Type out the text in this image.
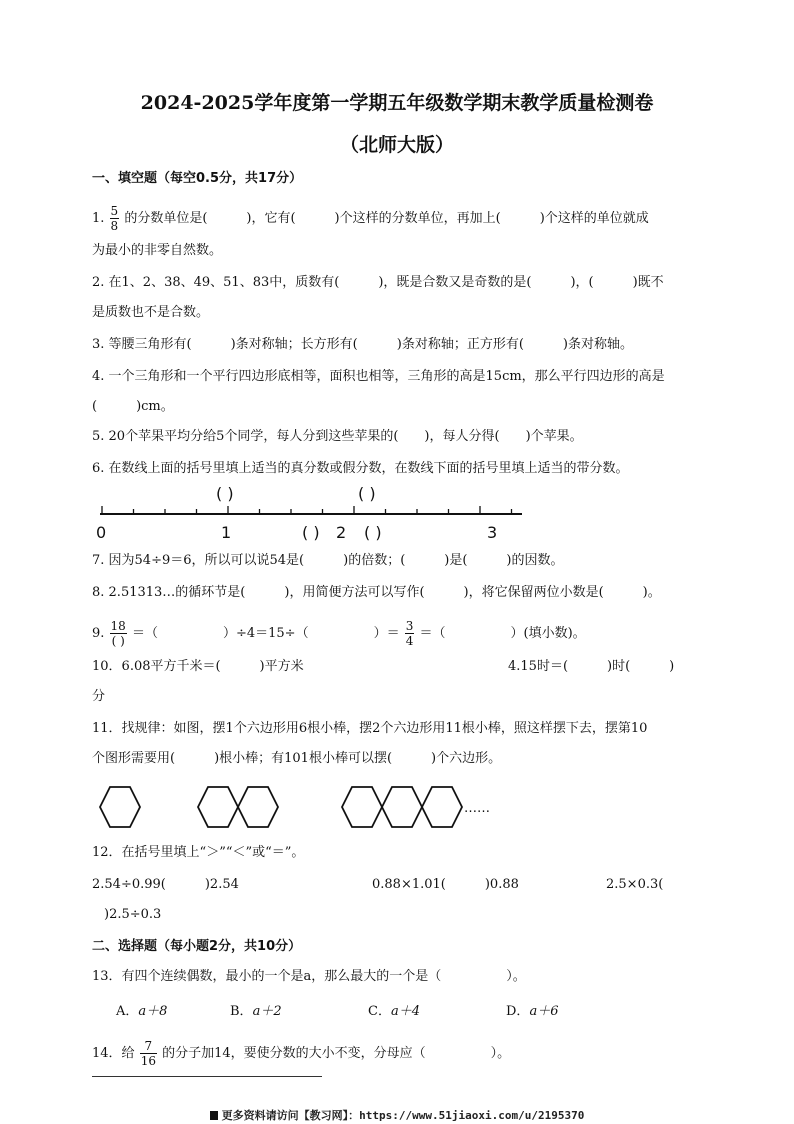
2024-2025学年度第一学期五年级数学期末教学质量检测卷
（北师大版）
一、填空题（每空0.5分，共17分）
1. $\frac{5}{8}$ 的分数单位是(　　　)，它有(　　　)个这样的分数单位，再加上(　　　)个这样的单位就成
为最小的非零自然数。
2. 在1、2、38、49、51、83中，质数有(　　　)，既是合数又是奇数的是(　　　)，(　　　)既不
是质数也不是合数。
3. 等腰三角形有(　　　)条对称轴；长方形有(　　　)条对称轴；正方形有(　　　)条对称轴。
4. 一个三角形和一个平行四边形底相等，面积也相等，三角形的高是15cm，那么平行四边形的高是
(　　　)cm。
5. 20个苹果平均分给5个同学，每人分到这些苹果的(　　)，每人分得(　　)个苹果。
6. 在数线上面的括号里填上适当的真分数或假分数，在数线下面的括号里填上适当的带分数。
( )	( )
0	1	( ) 2 ( )	3
7. 因为54÷9＝6，所以可以说54是(　　　)的倍数；(　　　)是(　　　)的因数。
8. 2.51313…的循环节是(　　　)，用简便方法可以写作(　　　)，将它保留两位小数是(　　　)。
9. $\frac{18}{( )}$ ＝（　　　　　）÷4＝15÷（　　　　　）＝ $\frac{3}{4}$ ＝（　　　　　）(填小数)。
10．6.08平方千米＝(　　　)平方米	4.15时＝(　　　)时(　　　)
分
11．找规律：如图，摆1个六边形用6根小棒，摆2个六边形用11根小棒，照这样摆下去，摆第10
个图形需要用(　　　)根小棒；有101根小棒可以摆(　　　)个六边形。
……
12．在括号里填上“＞”“＜”或“＝”。
2.54÷0.99(　　　)2.54	0.88×1.01(　　　)0.88	2.5×0.3(
)2.5÷0.3
二、选择题（每小题2分，共10分）
13．有四个连续偶数，最小的一个是a，那么最大的一个是（　　　　　）。
A．a＋8	B．a＋2	C．a＋4	D．a＋6
14．给 $\frac{7}{16}$ 的分子加14，要使分数的大小不变，分母应（　　　　　）。
更多资料请访问【教习网】：https://www.51jiaoxi.com/u/2195370
